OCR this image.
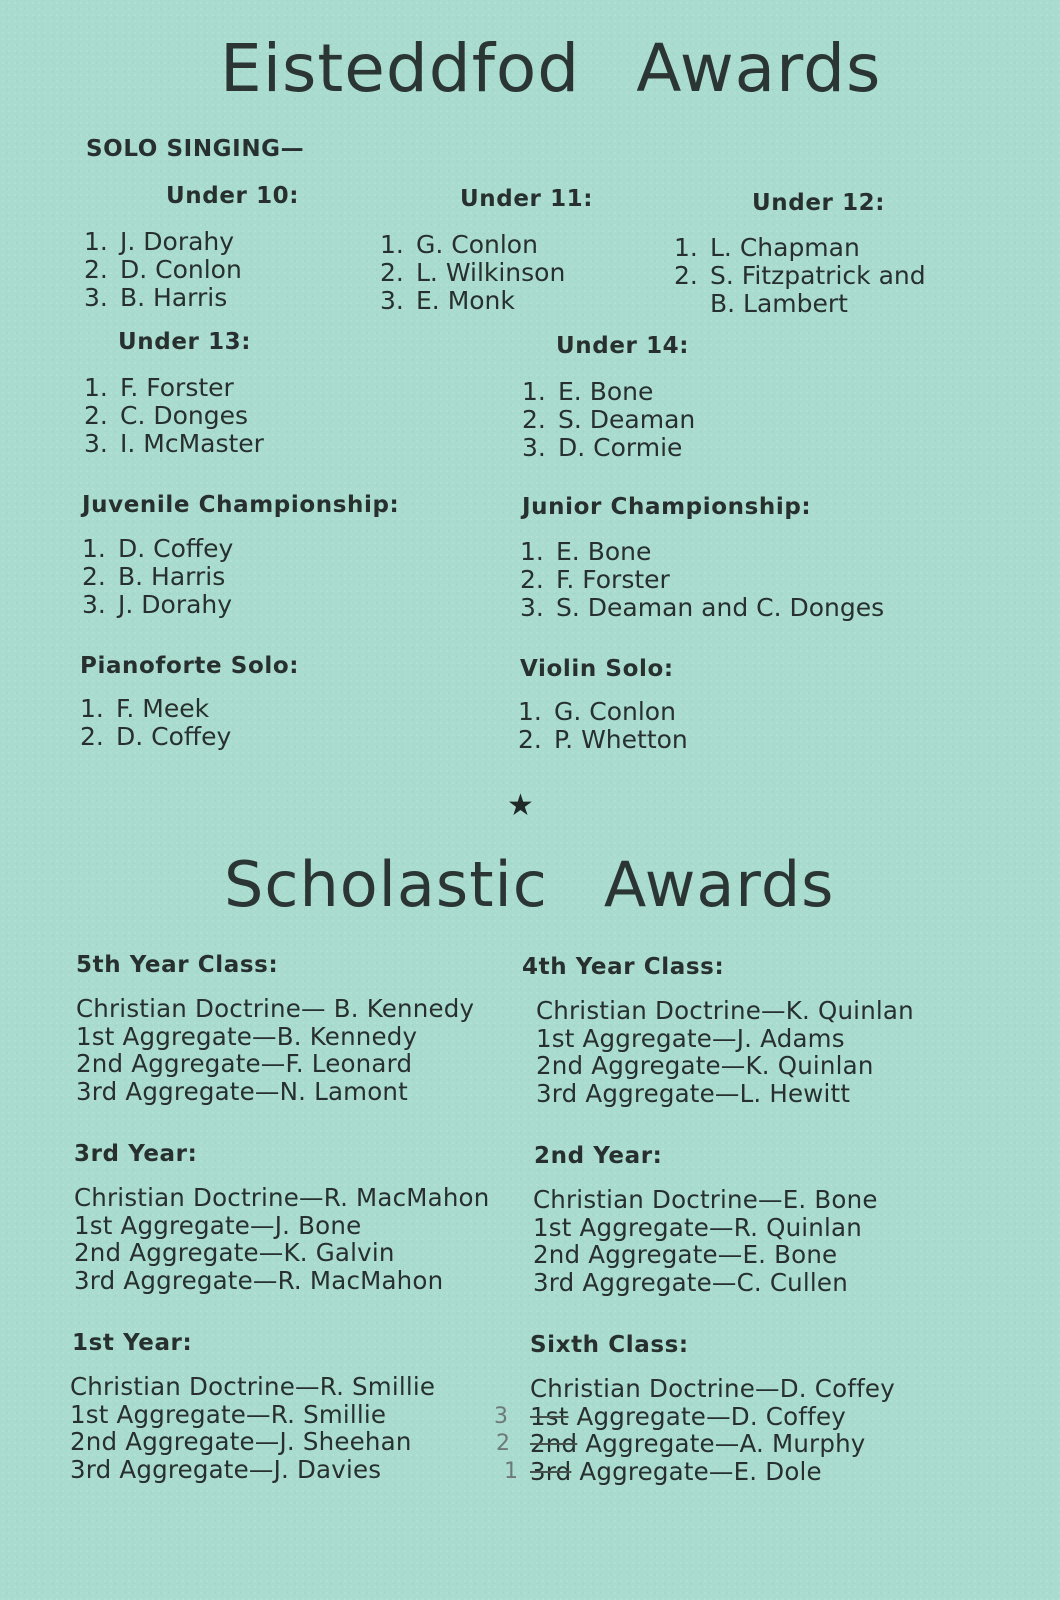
Eisteddfod Awards
SOLO SINGING—
Under 10:
1. J. Dorahy
2. D. Conlon
3. B. Harris
Under 11:
1. G. Conlon
2. L. Wilkinson
3. E. Monk
Under 12:
1. L. Chapman
2. S. Fitzpatrick and
B. Lambert
Under 13:
1. F. Forster
2. C. Donges
3. I. McMaster
Under 14:
1. E. Bone
2. S. Deaman
3. D. Cormie
Juvenile Championship:
1. D. Coffey
2. B. Harris
3. J. Dorahy
Junior Championship:
1. E. Bone
2. F. Forster
3. S. Deaman and C. Donges
Pianoforte Solo:
1. F. Meek
2. D. Coffey
Violin Solo:
1. G. Conlon
2. P. Whetton
★
Scholastic Awards
5th Year Class:
Christian Doctrine— B. Kennedy
1st Aggregate—B. Kennedy
2nd Aggregate—F. Leonard
3rd Aggregate—N. Lamont
4th Year Class:
Christian Doctrine—K. Quinlan
1st Aggregate—J. Adams
2nd Aggregate—K. Quinlan
3rd Aggregate—L. Hewitt
3rd Year:
Christian Doctrine—R. MacMahon
1st Aggregate—J. Bone
2nd Aggregate—K. Galvin
3rd Aggregate—R. MacMahon
2nd Year:
Christian Doctrine—E. Bone
1st Aggregate—R. Quinlan
2nd Aggregate—E. Bone
3rd Aggregate—C. Cullen
1st Year:
Christian Doctrine—R. Smillie
1st Aggregate—R. Smillie
2nd Aggregate—J. Sheehan
3rd Aggregate—J. Davies
Sixth Class:
Christian Doctrine—D. Coffey
3 1st Aggregate—D. Coffey
2 2nd Aggregate—A. Murphy
1 3rd Aggregate—E. Dole
